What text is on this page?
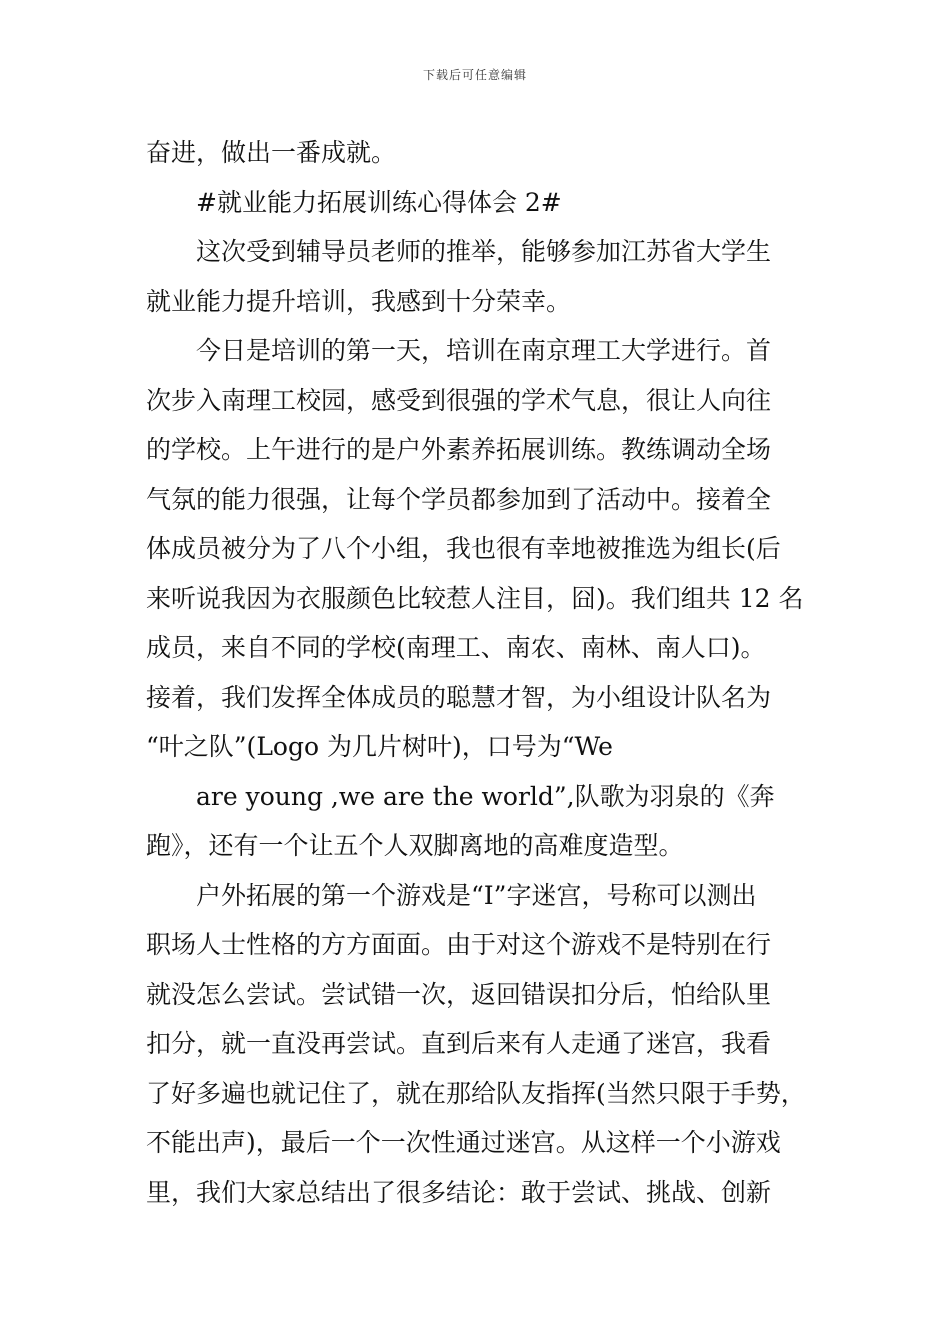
下载后可任意编辑
奋进，做出一番成就。
#就业能力拓展训练心得体会 2#
这次受到辅导员老师的推举，能够参加江苏省大学生
就业能力提升培训，我感到十分荣幸。
今日是培训的第一天，培训在南京理工大学进行。首
次步入南理工校园，感受到很强的学术气息，很让人向往
的学校。上午进行的是户外素养拓展训练。教练调动全场
气氛的能力很强，让每个学员都参加到了活动中。接着全
体成员被分为了八个小组，我也很有幸地被推选为组长(后
来听说我因为衣服颜色比较惹人注目，囧)。我们组共 12 名
成员，来自不同的学校(南理工、南农、南林、南人口)。
接着，我们发挥全体成员的聪慧才智，为小组设计队名为
“叶之队”(Logo 为几片树叶)，口号为“We
are young ,we are the world”,队歌为羽泉的《奔
跑》，还有一个让五个人双脚离地的高难度造型。
户外拓展的第一个游戏是“I”字迷宫，号称可以测出
职场人士性格的方方面面。由于对这个游戏不是特别在行
就没怎么尝试。尝试错一次，返回错误扣分后，怕给队里
扣分，就一直没再尝试。直到后来有人走通了迷宫，我看
了好多遍也就记住了，就在那给队友指挥(当然只限于手势，
不能出声)，最后一个一次性通过迷宫。从这样一个小游戏
里，我们大家总结出了很多结论：敢于尝试、挑战、创新
